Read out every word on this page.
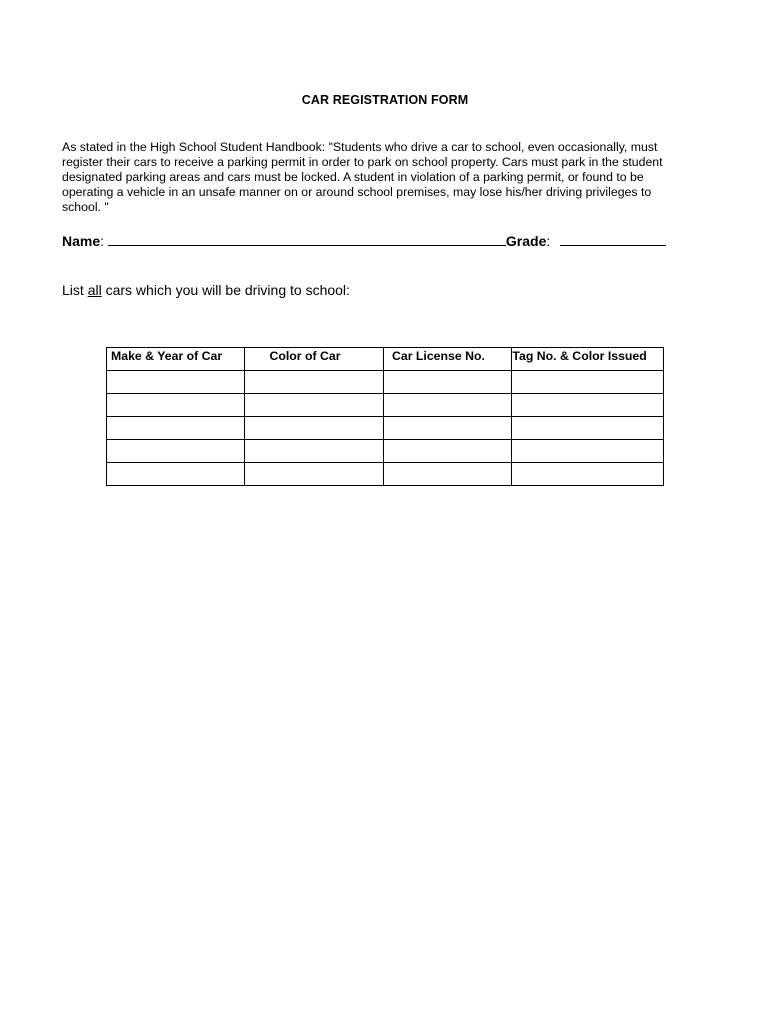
CAR REGISTRATION FORM
As stated in the High School Student Handbook: "Students who drive a car to school, even occasionally, must
register their cars to receive a parking permit in order to park on school property. Cars must park in the student
designated parking areas and cars must be locked. A student in violation of a parking permit, or found to be
operating a vehicle in an unsafe manner on or around school premises, may lose his/her driving privileges to
school. "
Name:	Grade:
List all cars which you will be driving to school:
Make & Year of Car	Color of Car	Car License No.	Tag No. & Color Issued
